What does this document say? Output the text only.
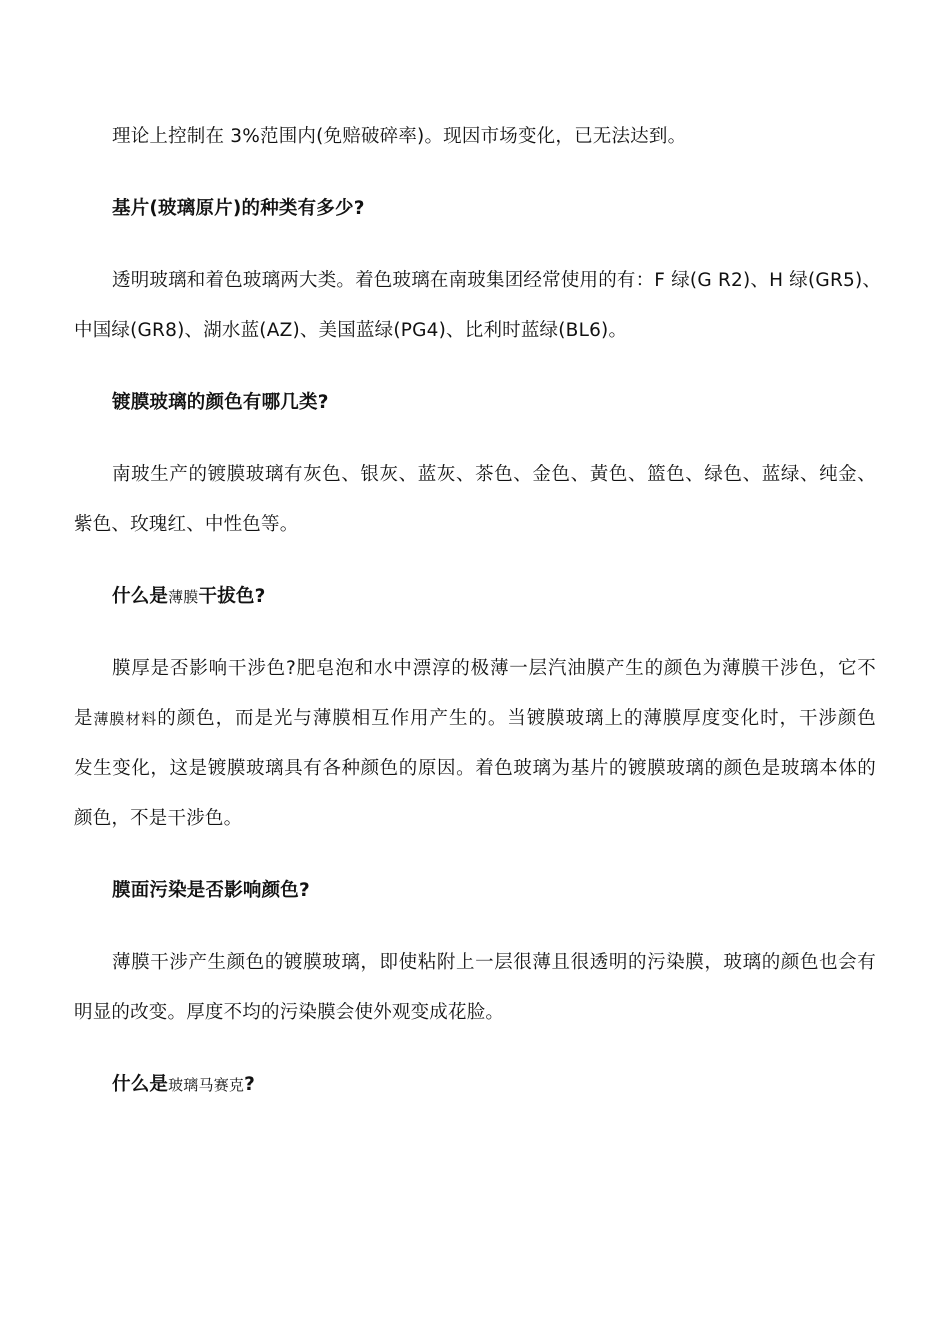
理论上控制在 3%范围内(免赔破碎率)。现因市场变化，已无法达到。
基片(玻璃原片)的种类有多少?
透明玻璃和着色玻璃两大类。着色玻璃在南玻集团经常使用的有：F 绿(G R2)、H 绿(GR5)、
中国绿(GR8)、湖水蓝(AZ)、美国蓝绿(PG4)、比利时蓝绿(BL6)。
镀膜玻璃的颜色有哪几类?
南玻生产的镀膜玻璃有灰色、银灰、蓝灰、茶色、金色、黃色、篮色、绿色、蓝绿、纯金、
紫色、玫瑰红、中性色等。
什么是薄膜干拔色?
膜厚是否影响干涉色?肥皂泡和水中漂淳的极薄一层汽油膜产生的颜色为薄膜干涉色，它不
是薄膜材料的颜色，而是光与薄膜相互作用产生的。当镀膜玻璃上的薄膜厚度变化时，干涉颜色
发生变化，这是镀膜玻璃具有各种颜色的原因。着色玻璃为基片的镀膜玻璃的颜色是玻璃本体的
颜色，不是干涉色。
膜面污染是否影响颜色?
薄膜干涉产生颜色的镀膜玻璃，即使粘附上一层很薄且很透明的污染膜，玻璃的颜色也会有
明显的改变。厚度不均的污染膜会使外观变成花脸。
什么是玻璃马赛克?
